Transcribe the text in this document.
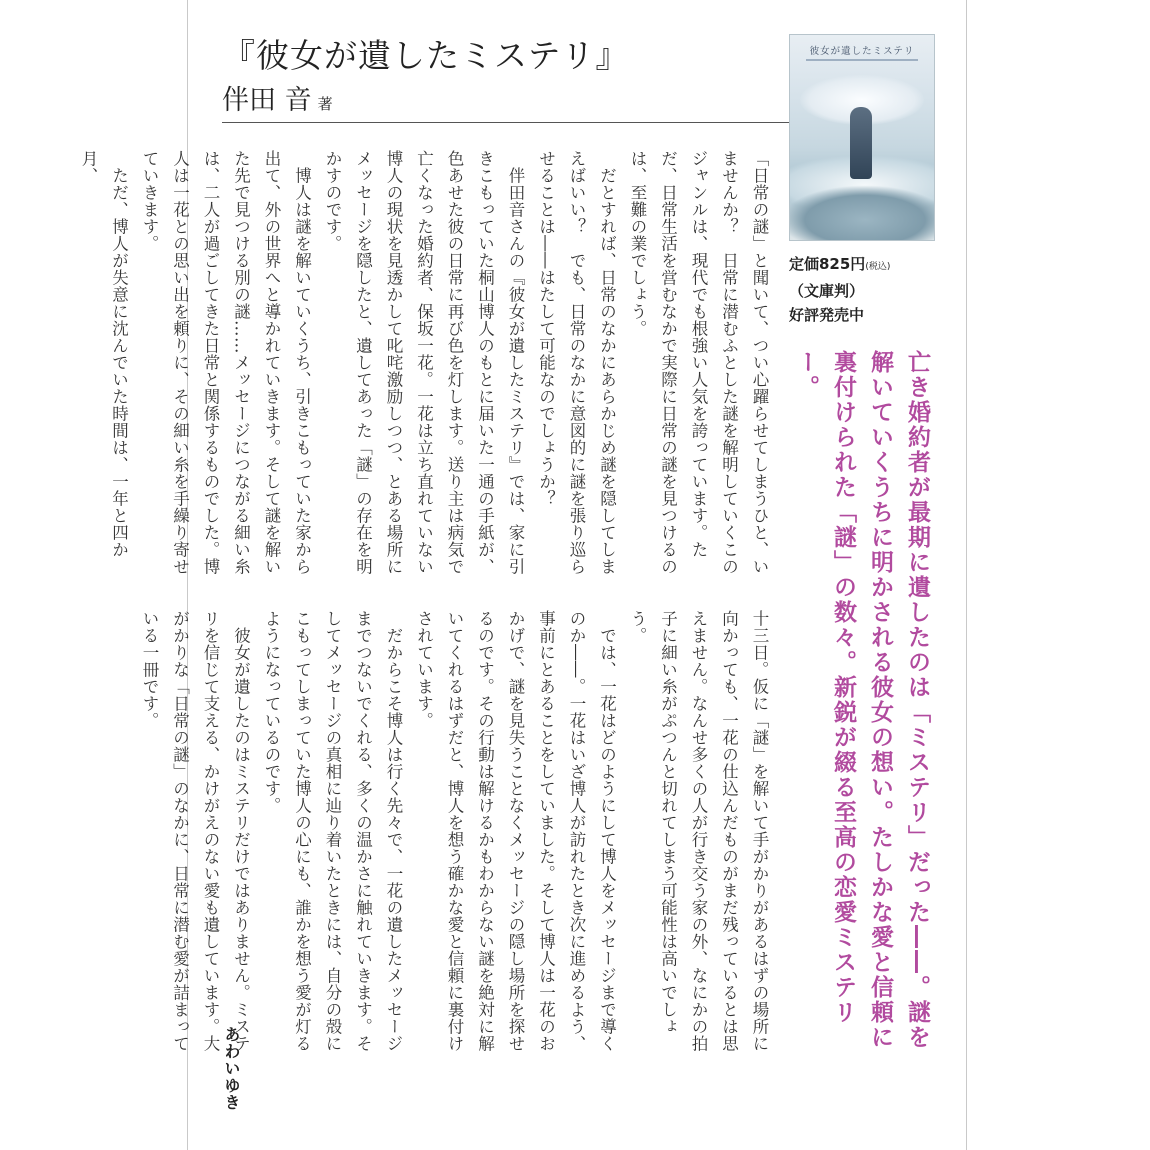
『彼女が遺したミステリ』
伴田 音 著

「日常の謎」と聞いて、つい心躍らせてしまうひと、いませんか？　日常に潜むふとした謎を解明していくこのジャンルは、現代でも根強い人気を誇っています。ただ、日常生活を営むなかで実際に日常の謎を見つけるのは、至難の業でしょう。

だとすれば、日常のなかにあらかじめ謎を隠してしまえばいい？　でも、日常のなかに意図的に謎を張り巡らせることは――はたして可能なのでしょうか？

伴田音さんの『彼女が遺したミステリ』では、家に引きこもっていた桐山博人のもとに届いた一通の手紙が、色あせた彼の日常に再び色を灯します。送り主は病気で亡くなった婚約者、保坂一花。一花は立ち直れていない博人の現状を見透かして叱咤激励しつつ、とある場所にメッセージを隠したと、遺してあった「謎」の存在を明かすのです。

博人は謎を解いていくうち、引きこもっていた家から出て、外の世界へと導かれていきます。そして謎を解いた先で見つける別の謎……メッセージにつながる細い糸は、二人が過ごしてきた日常と関係するものでした。博人は一花との思い出を頼りに、その細い糸を手繰り寄せていきます。

ただ、博人が失意に沈んでいた時間は、一年と四か月、

十三日。仮に「謎」を解いて手がかりがあるはずの場所に向かっても、一花の仕込んだものがまだ残っているとは思えません。なんせ多くの人が行き交う家の外、なにかの拍子に細い糸がぷつんと切れてしまう可能性は高いでしょう。

では、一花はどのようにして博人をメッセージまで導くのか――。一花はいざ博人が訪れたとき次に進めるよう、事前にとあることをしていました。そして博人は一花のおかげで、謎を見失うことなくメッセージの隠し場所を探せるのです。その行動は解けるかもわからない謎を絶対に解いてくれるはずだと、博人を想う確かな愛と信頼に裏付けされています。

だからこそ博人は行く先々で、一花の遺したメッセージまでつないでくれる、多くの温かさに触れていきます。そしてメッセージの真相に辿り着いたときには、自分の殻にこもってしまっていた博人の心にも、誰かを想う愛が灯るようになっているのです。

彼女が遺したのはミステリだけではありません。ミステリを信じて支える、かけがえのない愛も遺しています。大がかりな「日常の謎」のなかに、日常に潜む愛が詰まっている一冊です。

あわいゆき
彼女が遺したミステリ
定価825円(税込)
（文庫判）
好評発売中
亡き婚約者が最期に遺したのは「ミステリ」だった――。謎を解いていくうちに明かされる彼女の想い。たしかな愛と信頼に裏付けられた「謎」の数々。新鋭が綴る至高の恋愛ミステリー。
